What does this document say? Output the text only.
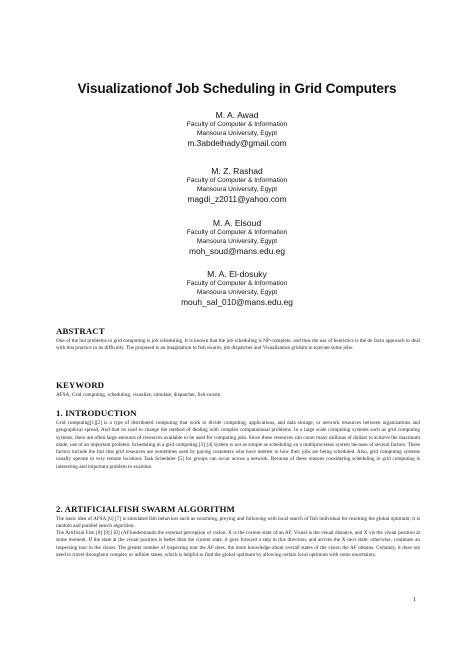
Visualizationof Job Scheduling in Grid Computers
M. A. Awad
Faculty of Computer & Information
Mansoura University, Egypt
m.3abdelhady@gmail.com
M. Z. Rashad
Faculty of Computer & Information
Mansoura University, Egypt
magdi_z2011@yahoo.com
M. A. Elsoud
Faculty of Computer & Information
Mansoura University, Egypt
moh_soud@mans.edu.eg
M. A. El-dosuky
Faculty of Computer & Information
Mansoura University, Egypt
mouh_sal_010@mans.edu.eg
ABSTRACT
One of the hot problems in grid computing is job scheduling. It is known that the job scheduling is NP-complete, and thus the use of heuristics is the de facto approach to deal with this practice in its difficulty. The proposed is an imagination to fish swarm, job dispatcher and Visualization gridsim to execute some jobs.
KEYWORD
AFSA, Grid computing, scheduling, visualize, simulate, dispatcher, fish swarm.
1. INTRODUCTION
Grid computing[1][2] is a type of distributed computing that work to divide computing, applications, and data storage, or network resources between organizations and geographical spread, And that its road to change the method of dealing with complex computational problems. In a large scale computing systems such as grid computing systems, there are often large amounts of resources available to be used for computing jobs. Since these resources can count many millions of dollars to achieve the maximum made; use of an important problem. Scheduling in a grid computing [3] [4] system is not as simple as scheduling on a multiprocessor system because of several factors. These factors include the fact that grid resources are sometimes used by paying customers who have interest in how their jobs are being scheduled. Also, grid computing systems usually operate in very remote locations Task Scheduler [5] for groups can occur across a network. Because of these reasons considering scheduling in grid computing is interesting and important problem to examine.
2. ARTIFICIALFISH SWARM ALGORITHM
The basic idea of AFSA [6] [7] is simulated fish behaviors such as swarming, preying and following with local search of fish individual for reaching the global optimum; it is random and parallel search algorithm.
The Artificial Fish [8] [9] [10] (AF)understands the external perception of vision. X is the current state of an AF, Visual is the visual distance, and X vis the visual position at some moment. If the state at the visual position is better than the current state, it goes forward a step in this direction, and arrives the X next state; otherwise, continues an inspecting tour in the vision. The greater number of inspecting tour the AF does, the more knowledge about overall states of the vision the AF obtains. Certainly, it does not need to travel throughout complex or infinite states, which is helpful to find the global optimum by allowing certain local optimum with some uncertainty.
1
